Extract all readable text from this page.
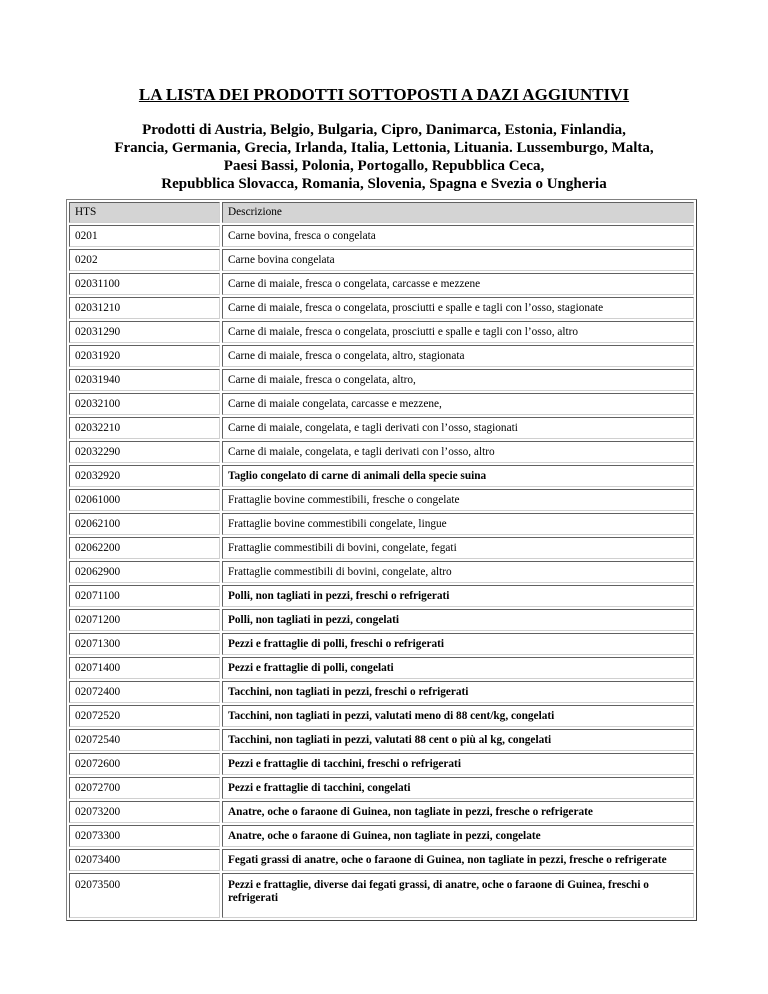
LA LISTA DEI PRODOTTI SOTTOPOSTI A DAZI AGGIUNTIVI
Prodotti di Austria, Belgio, Bulgaria, Cipro, Danimarca, Estonia, Finlandia,
Francia, Germania, Grecia, Irlanda, Italia, Lettonia, Lituania. Lussemburgo, Malta,
Paesi Bassi, Polonia, Portogallo, Repubblica Ceca,
Repubblica Slovacca, Romania, Slovenia, Spagna e Svezia o Ungheria
HTS	Descrizione
0201	Carne bovina, fresca o congelata
0202	Carne bovina congelata
02031100	Carne di maiale, fresca o congelata, carcasse e mezzene
02031210	Carne di maiale, fresca o congelata, prosciutti e spalle e tagli con l’osso, stagionate
02031290	Carne di maiale, fresca o congelata, prosciutti e spalle e tagli con l’osso, altro
02031920	Carne di maiale, fresca o congelata, altro, stagionata
02031940	Carne di maiale, fresca o congelata, altro,
02032100	Carne di maiale congelata, carcasse e mezzene,
02032210	Carne di maiale, congelata, e tagli derivati con l’osso, stagionati
02032290	Carne di maiale, congelata, e tagli derivati con l’osso, altro
02032920	Taglio congelato di carne di animali della specie suina
02061000	Frattaglie bovine commestibili, fresche o congelate
02062100	Frattaglie bovine commestibili congelate, lingue
02062200	Frattaglie commestibili di bovini, congelate, fegati
02062900	Frattaglie commestibili di bovini, congelate, altro
02071100	Polli, non tagliati in pezzi, freschi o refrigerati
02071200	Polli, non tagliati in pezzi, congelati
02071300	Pezzi e frattaglie di polli, freschi o refrigerati
02071400	Pezzi e frattaglie di polli, congelati
02072400	Tacchini, non tagliati in pezzi, freschi o refrigerati
02072520	Tacchini, non tagliati in pezzi, valutati meno di 88 cent/kg, congelati
02072540	Tacchini, non tagliati in pezzi, valutati 88 cent o più al kg, congelati
02072600	Pezzi e frattaglie di tacchini, freschi o refrigerati
02072700	Pezzi e frattaglie di tacchini, congelati
02073200	Anatre, oche o faraone di Guinea, non tagliate in pezzi, fresche o refrigerate
02073300	Anatre, oche o faraone di Guinea, non tagliate in pezzi, congelate
02073400	Fegati grassi di anatre, oche o faraone di Guinea, non tagliate in pezzi, fresche o refrigerate
02073500	Pezzi e frattaglie, diverse dai fegati grassi, di anatre, oche o faraone di Guinea, freschi o refrigerati
